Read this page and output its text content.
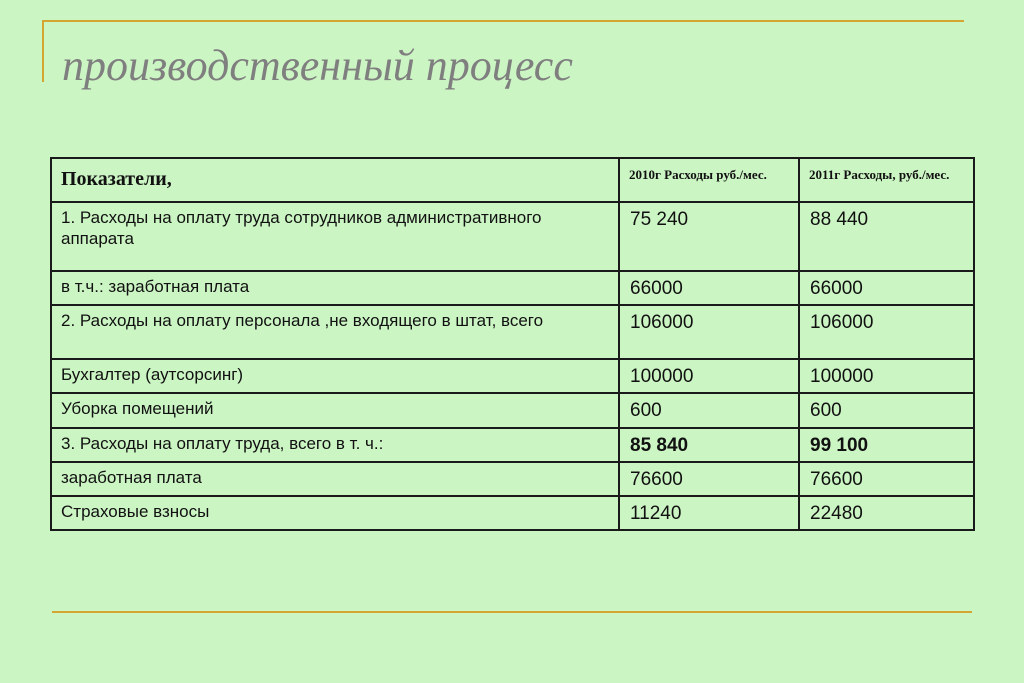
производственный процесс
Показатели,	2010г Расходы руб./мес.	2011г Расходы, руб./мес.
1. Расходы на оплату труда сотрудников административного аппарата	75 240	88 440
в т.ч.: заработная плата	66000	66000
2. Расходы на оплату персонала ,не входящего в штат, всего	106000	106000
Бухгалтер (аутсорсинг)	100000	100000
Уборка помещений	600	600
3. Расходы на оплату труда, всего в т. ч.:	85 840	99 100
заработная плата	76600	76600
Страховые взносы	11240	22480
